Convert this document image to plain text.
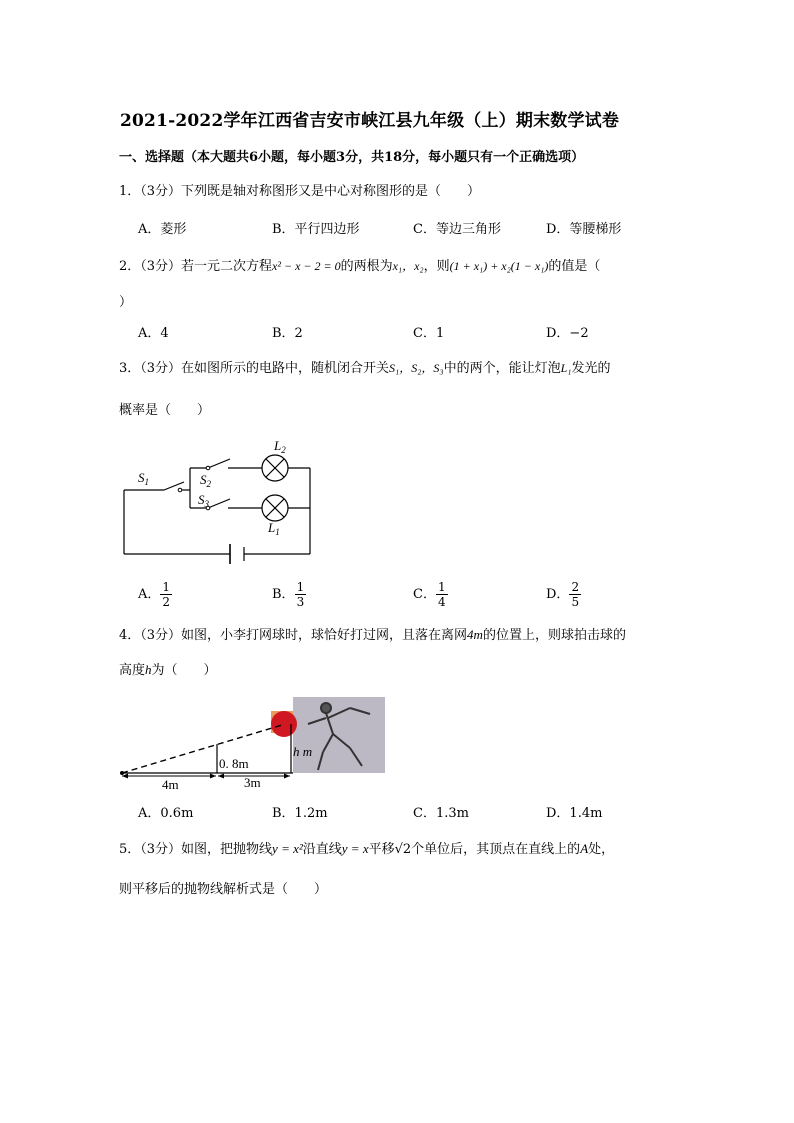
2021-2022学年江西省吉安市峡江县九年级（上）期末数学试卷
一、选择题（本大题共6小题，每小题3分，共18分，每小题只有一个正确选项）
1．（3分）下列既是轴对称图形又是中心对称图形的是（　　）
A．菱形	B．平行四边形	C．等边三角形	D．等腰梯形
2．（3分）若一元二次方程x² − x − 2 = 0的两根为x₁，x₂，则(1 + x₁) + x₂(1 − x₁)的值是（
）
A．4	B．2	C．1	D．−2
3．（3分）在如图所示的电路中，随机闭合开关S₁，S₂，S₃中的两个，能让灯泡L₁发光的
概率是（　　）
$S_1$	$S_2$
$S_3$
$L_2$
$L_1$
A． $\frac{1}{2}$	B． $\frac{1}{3}$	C． $\frac{1}{4}$	D． $\frac{2}{5}$
4．（3分）如图，小李打网球时，球恰好打过网，且落在离网4m的位置上，则球拍击球的
高度h为（　　）
4m	3m
0. 8m
h m
A．0.6m	B．1.2m	C．1.3m	D．1.4m
5．（3分）如图，把抛物线y = x²沿直线y = x平移√2个单位后，其顶点在直线上的A处，
则平移后的抛物线解析式是（　　）
